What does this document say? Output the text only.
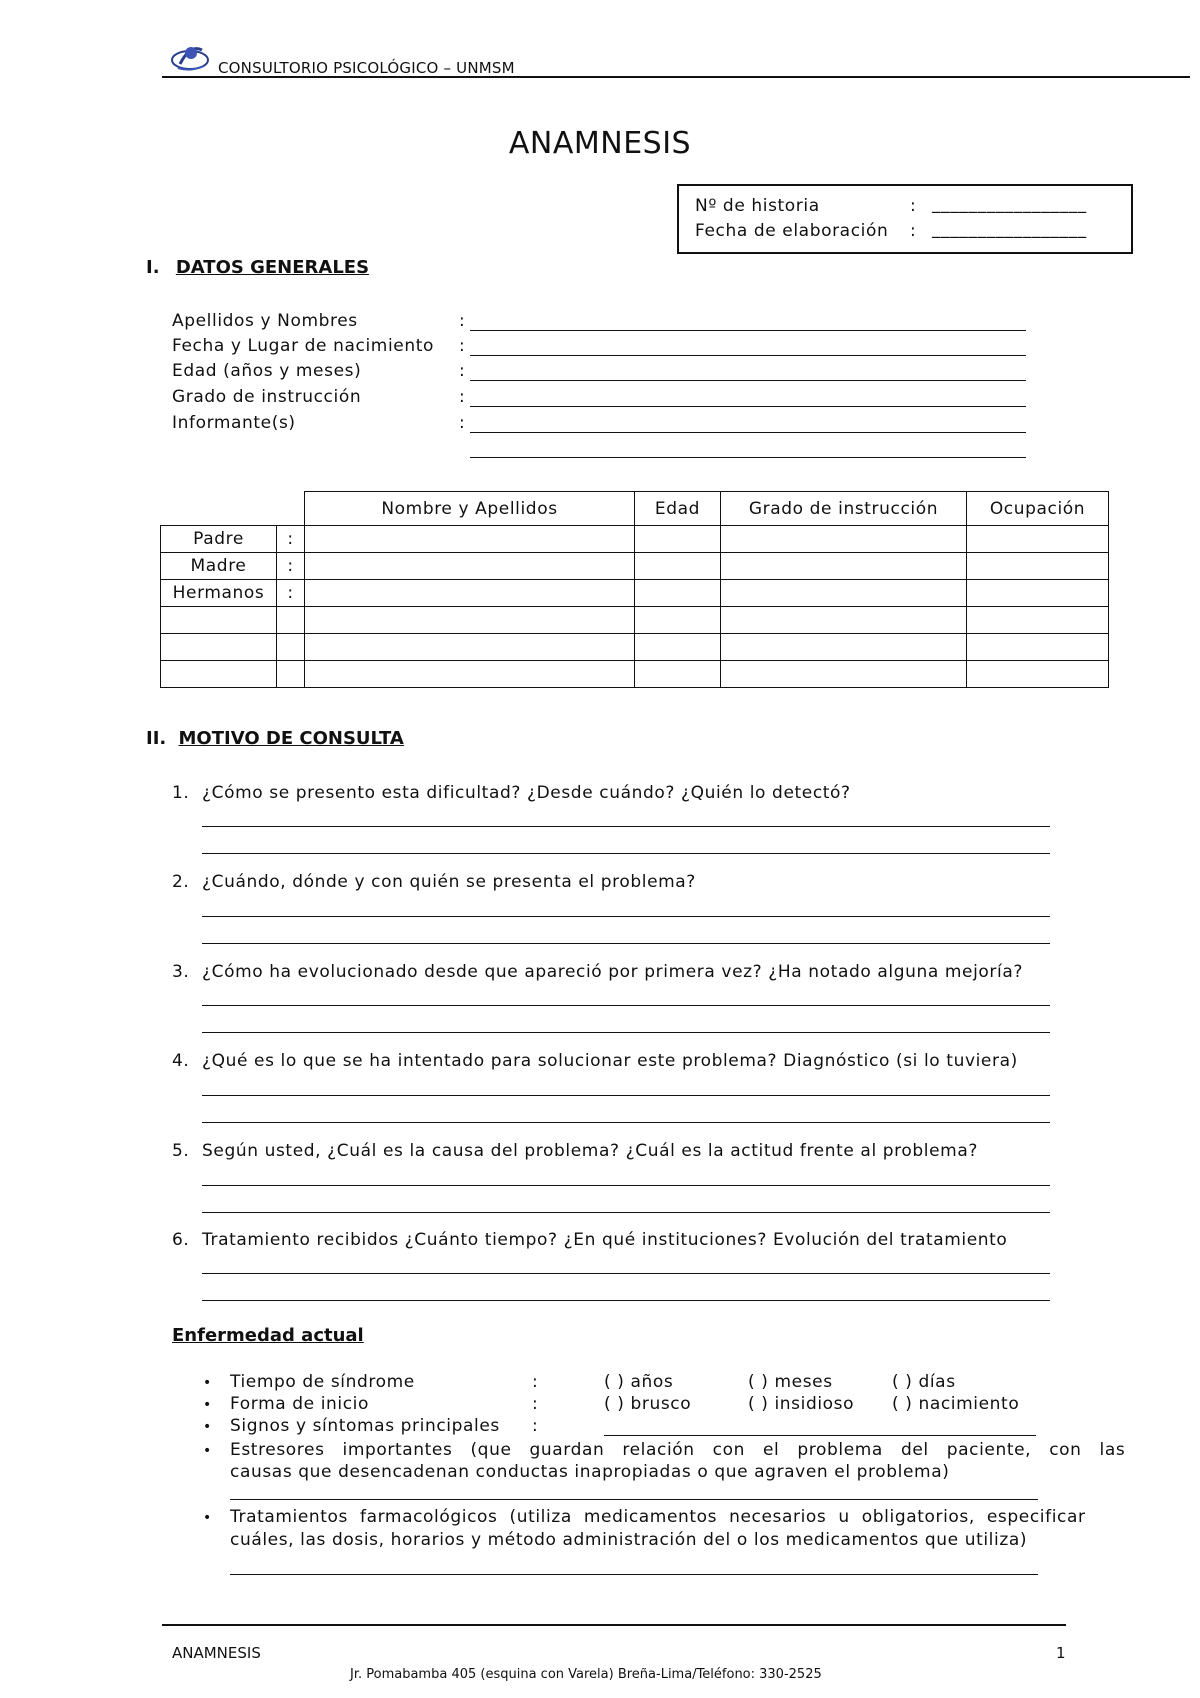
CONSULTORIO PSICOLÓGICO – UNMSM
ANAMNESIS
Nº de historia	: _________________
Fecha de elaboración : _________________
I. DATOS GENERALES
Apellidos y Nombres	:
Fecha y Lugar de nacimiento :
Edad (años y meses)	:
Grado de instrucción	:
Informante(s)	:
		Nombre y Apellidos	Edad	Grado de instrucción	Ocupación
Padre	:				
Madre	:				
Hermanos	:				

II. MOTIVO DE CONSULTA
1. ¿Cómo se presento esta dificultad? ¿Desde cuándo? ¿Quién lo detectó?
2. ¿Cuándo, dónde y con quién se presenta el problema?
3. ¿Cómo ha evolucionado desde que apareció por primera vez? ¿Ha notado alguna mejoría?
4. ¿Qué es lo que se ha intentado para solucionar este problema? Diagnóstico (si lo tuviera)
5. Según usted, ¿Cuál es la causa del problema? ¿Cuál es la actitud frente al problema?
6. Tratamiento recibidos ¿Cuánto tiempo? ¿En qué instituciones? Evolución del tratamiento
Enfermedad actual
• Tiempo de síndrome	:	( ) años	( ) meses	( ) días
• Forma de inicio	:	( ) brusco	( ) insidioso ( ) nacimiento
• Signos y síntomas principales :
• Estresores   importantes   (que   guardan   relación   con   el   problema   del   paciente,   con   las
causas que desencadenan conductas inapropiadas o que agraven el problema)
• Tratamientos  farmacológicos  (utiliza  medicamentos  necesarios  u  obligatorios,  especificar
cuáles, las dosis, horarios y método administración del o los medicamentos que utiliza)
ANAMNESIS	1
Jr. Pomabamba 405 (esquina con Varela) Breña-Lima/Teléfono: 330-2525
